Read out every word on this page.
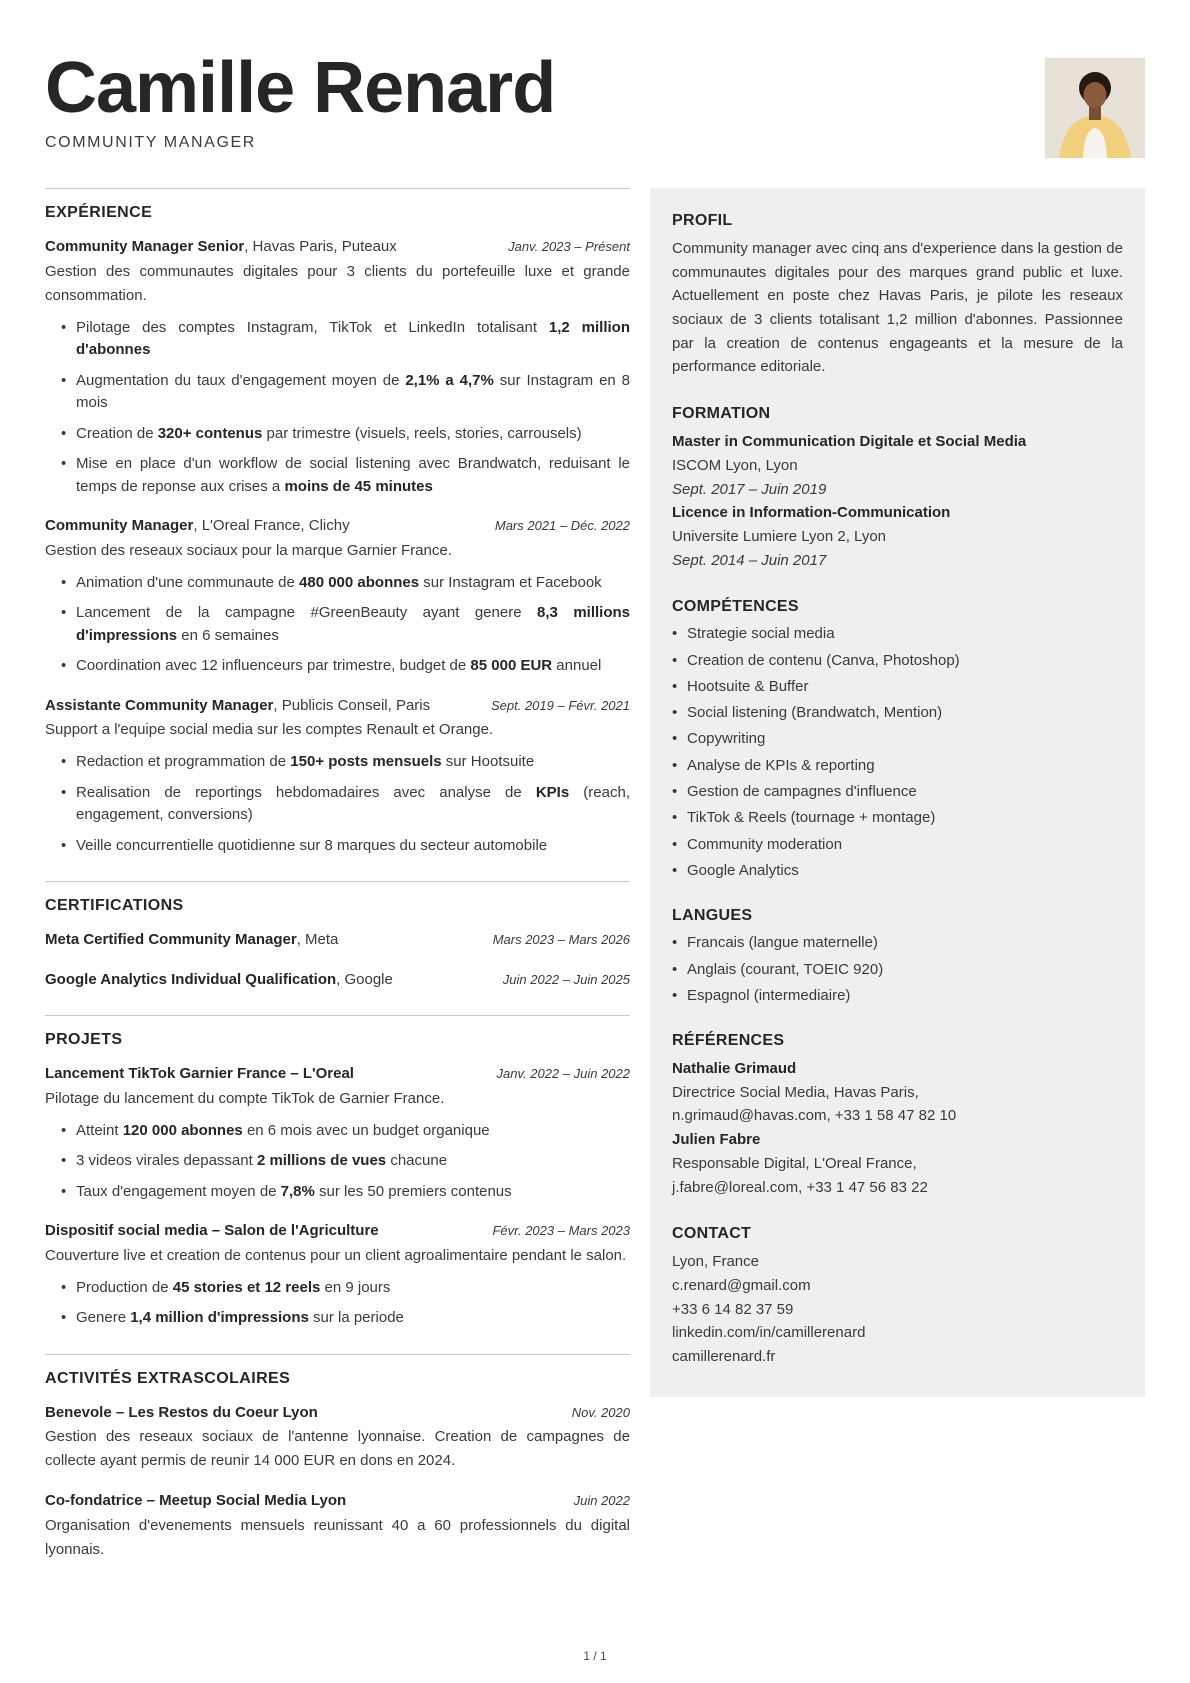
Camille Renard
COMMUNITY MANAGER
EXPÉRIENCE
Community Manager Senior, Havas Paris, Puteaux	Janv. 2023 – Présent

Gestion des communautes digitales pour 3 clients du portefeuille luxe et grande consommation.

• Pilotage des comptes Instagram, TikTok et LinkedIn totalisant 1,2 million d'abonnes
• Augmentation du taux d'engagement moyen de 2,1% a 4,7% sur Instagram en 8 mois
• Creation de 320+ contenus par trimestre (visuels, reels, stories, carrousels)
• Mise en place d'un workflow de social listening avec Brandwatch, reduisant le temps de reponse aux crises a moins de 45 minutes
Community Manager, L'Oreal France, Clichy	Mars 2021 – Déc. 2022

Gestion des reseaux sociaux pour la marque Garnier France.

• Animation d'une communaute de 480 000 abonnes sur Instagram et Facebook
• Lancement de la campagne #GreenBeauty ayant genere 8,3 millions d'impressions en 6 semaines
• Coordination avec 12 influenceurs par trimestre, budget de 85 000 EUR annuel
Assistante Community Manager, Publicis Conseil, Paris	Sept. 2019 – Févr. 2021

Support a l'equipe social media sur les comptes Renault et Orange.

• Redaction et programmation de 150+ posts mensuels sur Hootsuite
• Realisation de reportings hebdomadaires avec analyse de KPIs (reach, engagement, conversions)
• Veille concurrentielle quotidienne sur 8 marques du secteur automobile
CERTIFICATIONS
Meta Certified Community Manager, Meta	Mars 2023 – Mars 2026
Google Analytics Individual Qualification, Google	Juin 2022 – Juin 2025
PROJETS
Lancement TikTok Garnier France – L'Oreal	Janv. 2022 – Juin 2022

Pilotage du lancement du compte TikTok de Garnier France.

• Atteint 120 000 abonnes en 6 mois avec un budget organique
• 3 videos virales depassant 2 millions de vues chacune
• Taux d'engagement moyen de 7,8% sur les 50 premiers contenus
Dispositif social media – Salon de l'Agriculture	Févr. 2023 – Mars 2023

Couverture live et creation de contenus pour un client agroalimentaire pendant le salon.

• Production de 45 stories et 12 reels en 9 jours
• Genere 1,4 million d'impressions sur la periode
ACTIVITÉS EXTRASCOLAIRES
Benevole – Les Restos du Coeur Lyon	Nov. 2020

Gestion des reseaux sociaux de l'antenne lyonnaise. Creation de campagnes de collecte ayant permis de reunir 14 000 EUR en dons en 2024.

Co-fondatrice – Meetup Social Media Lyon	Juin 2022

Organisation d'evenements mensuels reunissant 40 a 60 professionnels du digital lyonnais.

PROFIL

Community manager avec cinq ans d'experience dans la gestion de communautes digitales pour des marques grand public et luxe. Actuellement en poste chez Havas Paris, je pilote les reseaux sociaux de 3 clients totalisant 1,2 million d'abonnes. Passionnee par la creation de contenus engageants et la mesure de la performance editoriale.

FORMATION
Master in Communication Digitale et Social Media
ISCOM Lyon, Lyon
Sept. 2017 – Juin 2019
Licence in Information-Communication
Universite Lumiere Lyon 2, Lyon
Sept. 2014 – Juin 2017
COMPÉTENCES
• Strategie social media
• Creation de contenu (Canva, Photoshop)
• Hootsuite & Buffer
• Social listening (Brandwatch, Mention)
• Copywriting
• Analyse de KPIs & reporting
• Gestion de campagnes d'influence
• TikTok & Reels (tournage + montage)
• Community moderation
• Google Analytics
LANGUES
• Francais (langue maternelle)
• Anglais (courant, TOEIC 920)
• Espagnol (intermediaire)
RÉFÉRENCES
Nathalie Grimaud
Directrice Social Media, Havas Paris,
n.grimaud@havas.com, +33 1 58 47 82 10
Julien Fabre
Responsable Digital, L'Oreal France,
j.fabre@loreal.com, +33 1 47 56 83 22
CONTACT
Lyon, France
c.renard@gmail.com
+33 6 14 82 37 59
linkedin.com/in/camillerenard
camillerenard.fr
1 / 1
